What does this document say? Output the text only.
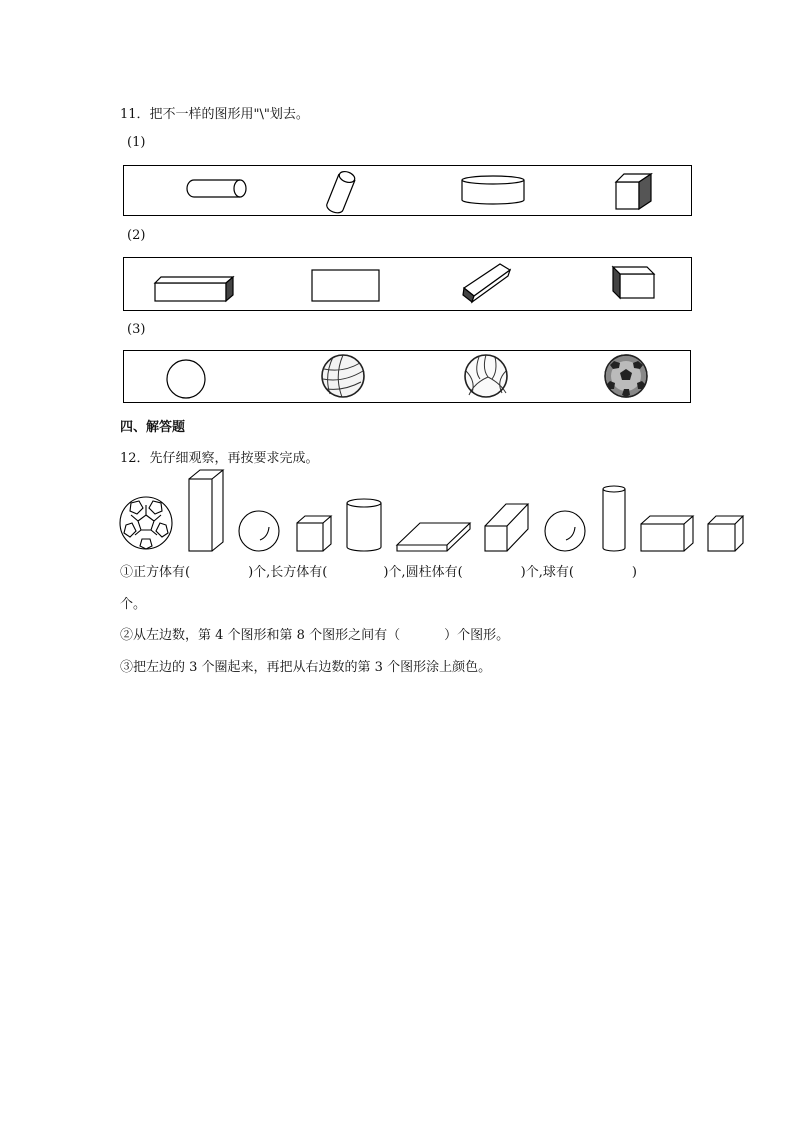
11．把不一样的图形用"\"划去。
(1)
(2)
(3)
四、解答题
12．先仔细观察，再按要求完成。
①正方体有(	)个,长方体有(	)个,圆柱体有(	)个,球有(	)
个。
②从左边数，第 4 个图形和第 8 个图形之间有（	）个图形。
③把左边的 3 个圈起来，再把从右边数的第 3 个图形涂上颜色。
